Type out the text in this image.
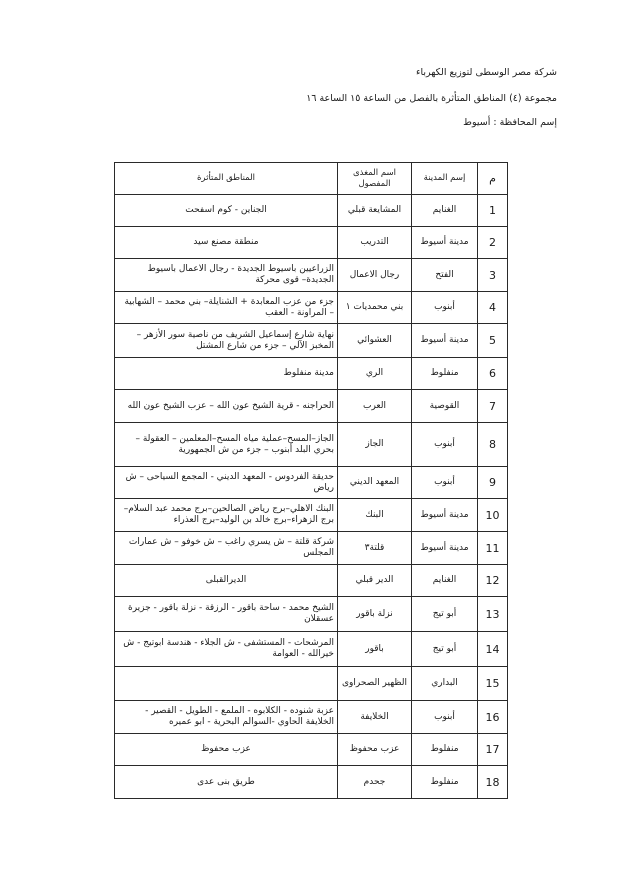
شركة مصر الوسطى لتوزيع الكهرباء
مجموعة (٤) المناطق المتأثرة بالفصل من الساعة ١٥ الساعة ١٦
إسم المحافظة : أسيوط
م	إسم المدينة	اسم المغذى المفصول	المناطق المتأثرة
1	الغنايم	المشايعة قبلي	الجناين - كوم اسفحت
2	مدينة أسيوط	التدريب	منطقة مصنع سيد
3	الفتح	رجال الاعمال	الزراعيين باسيوط الجديدة - رجال الاعمال باسيوط الجديدة– قوى محركة
4	أبنوب	بني محمديات ١	جزء من عزب المعابدة + الشنايلة– بني محمد – الشهابية – المراونة - العقب
5	مدينة أسيوط	العشوائي	نهاية شارع إسماعيل الشريف من ناصية سور الأزهر – المخبز الآلي – جزء من شارع المشتل
6	منفلوط	الري	مدينة منفلوط
7	القوصية	العرب	الحراجنه - قرية الشيخ عون الله – عزب الشيخ عون الله
8	أبنوب	الجاز	الجاز–المسح–عملية مياه المسح–المعلمين – العقولة – بحري البلد أبنوب – جزء من ش الجمهورية
9	أبنوب	المعهد الديني	حديقة الفردوس - المعهد الديني - المجمع السياحى – ش رياض
10	مدينة أسيوط	البنك	البنك الاهلي–برج رياض الصالحين–برج محمد عبد السلام–برج الزهراء–برج خالد بن الوليد–برج العذراء
11	مدينة أسيوط	قلتة٣	شركة قلتة – ش يسري راغب – ش خوفو – ش عمارات المجلس
12	الغنايم	الدير قبلي	الديرالقبلى
13	أبو تيج	نزلة باقور	الشيخ محمد - ساحة باقور - الرزقة - نزلة باقور - جزيرة عسقلان
14	أبو تيج	باقور	المرشحات - المستشفى - ش الجلاء - هندسة ابوتيج - ش خيرالله - العوامة
15	البداري	الظهير الصحراوى	
16	أبنوب	الخلايفة	عزبة شنوده - الكلابوه - الملمع - الطويل - القصير - الخلايفة الحاوي -السوالم البحرية - ابو عميره
17	منفلوط	عزب محفوظ	عزب محفوظ
18	منفلوط	جحدم	طريق بنى عدى
